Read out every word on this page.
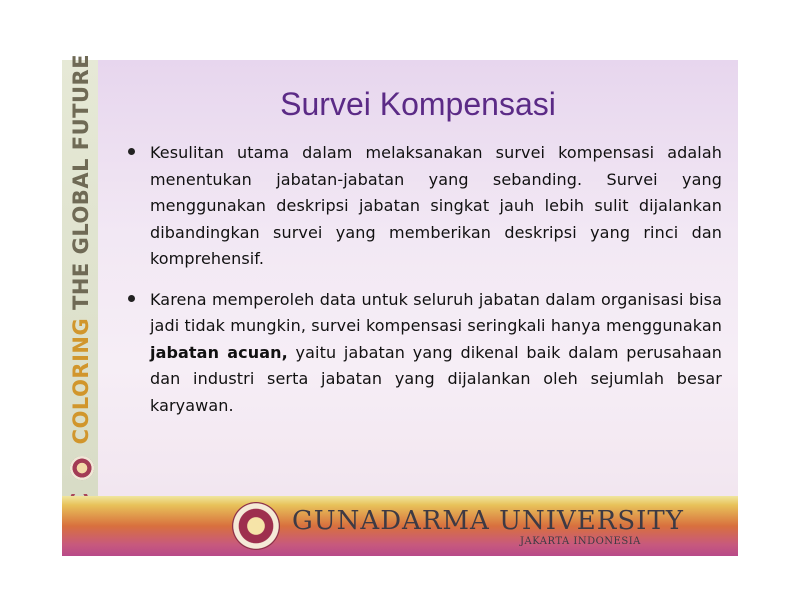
COLORING THE GLOBAL FUTURE	Survei Kompensasi
Kesulitan utama dalam melaksanakan survei kompensasi adalah menentukan jabatan-jabatan yang sebanding. Survei yang menggunakan deskripsi jabatan singkat jauh lebih sulit dijalankan dibandingkan survei yang memberikan deskripsi yang rinci dan komprehensif.
Karena memperoleh data untuk seluruh jabatan dalam organisasi bisa jadi tidak mungkin, survei kompensasi seringkali hanya menggunakan jabatan acuan, yaitu jabatan yang dikenal baik dalam perusahaan dan industri serta jabatan yang dijalankan oleh sejumlah besar karyawan.
GUNADARMA UNIVERSITY
JAKARTA INDONESIA
